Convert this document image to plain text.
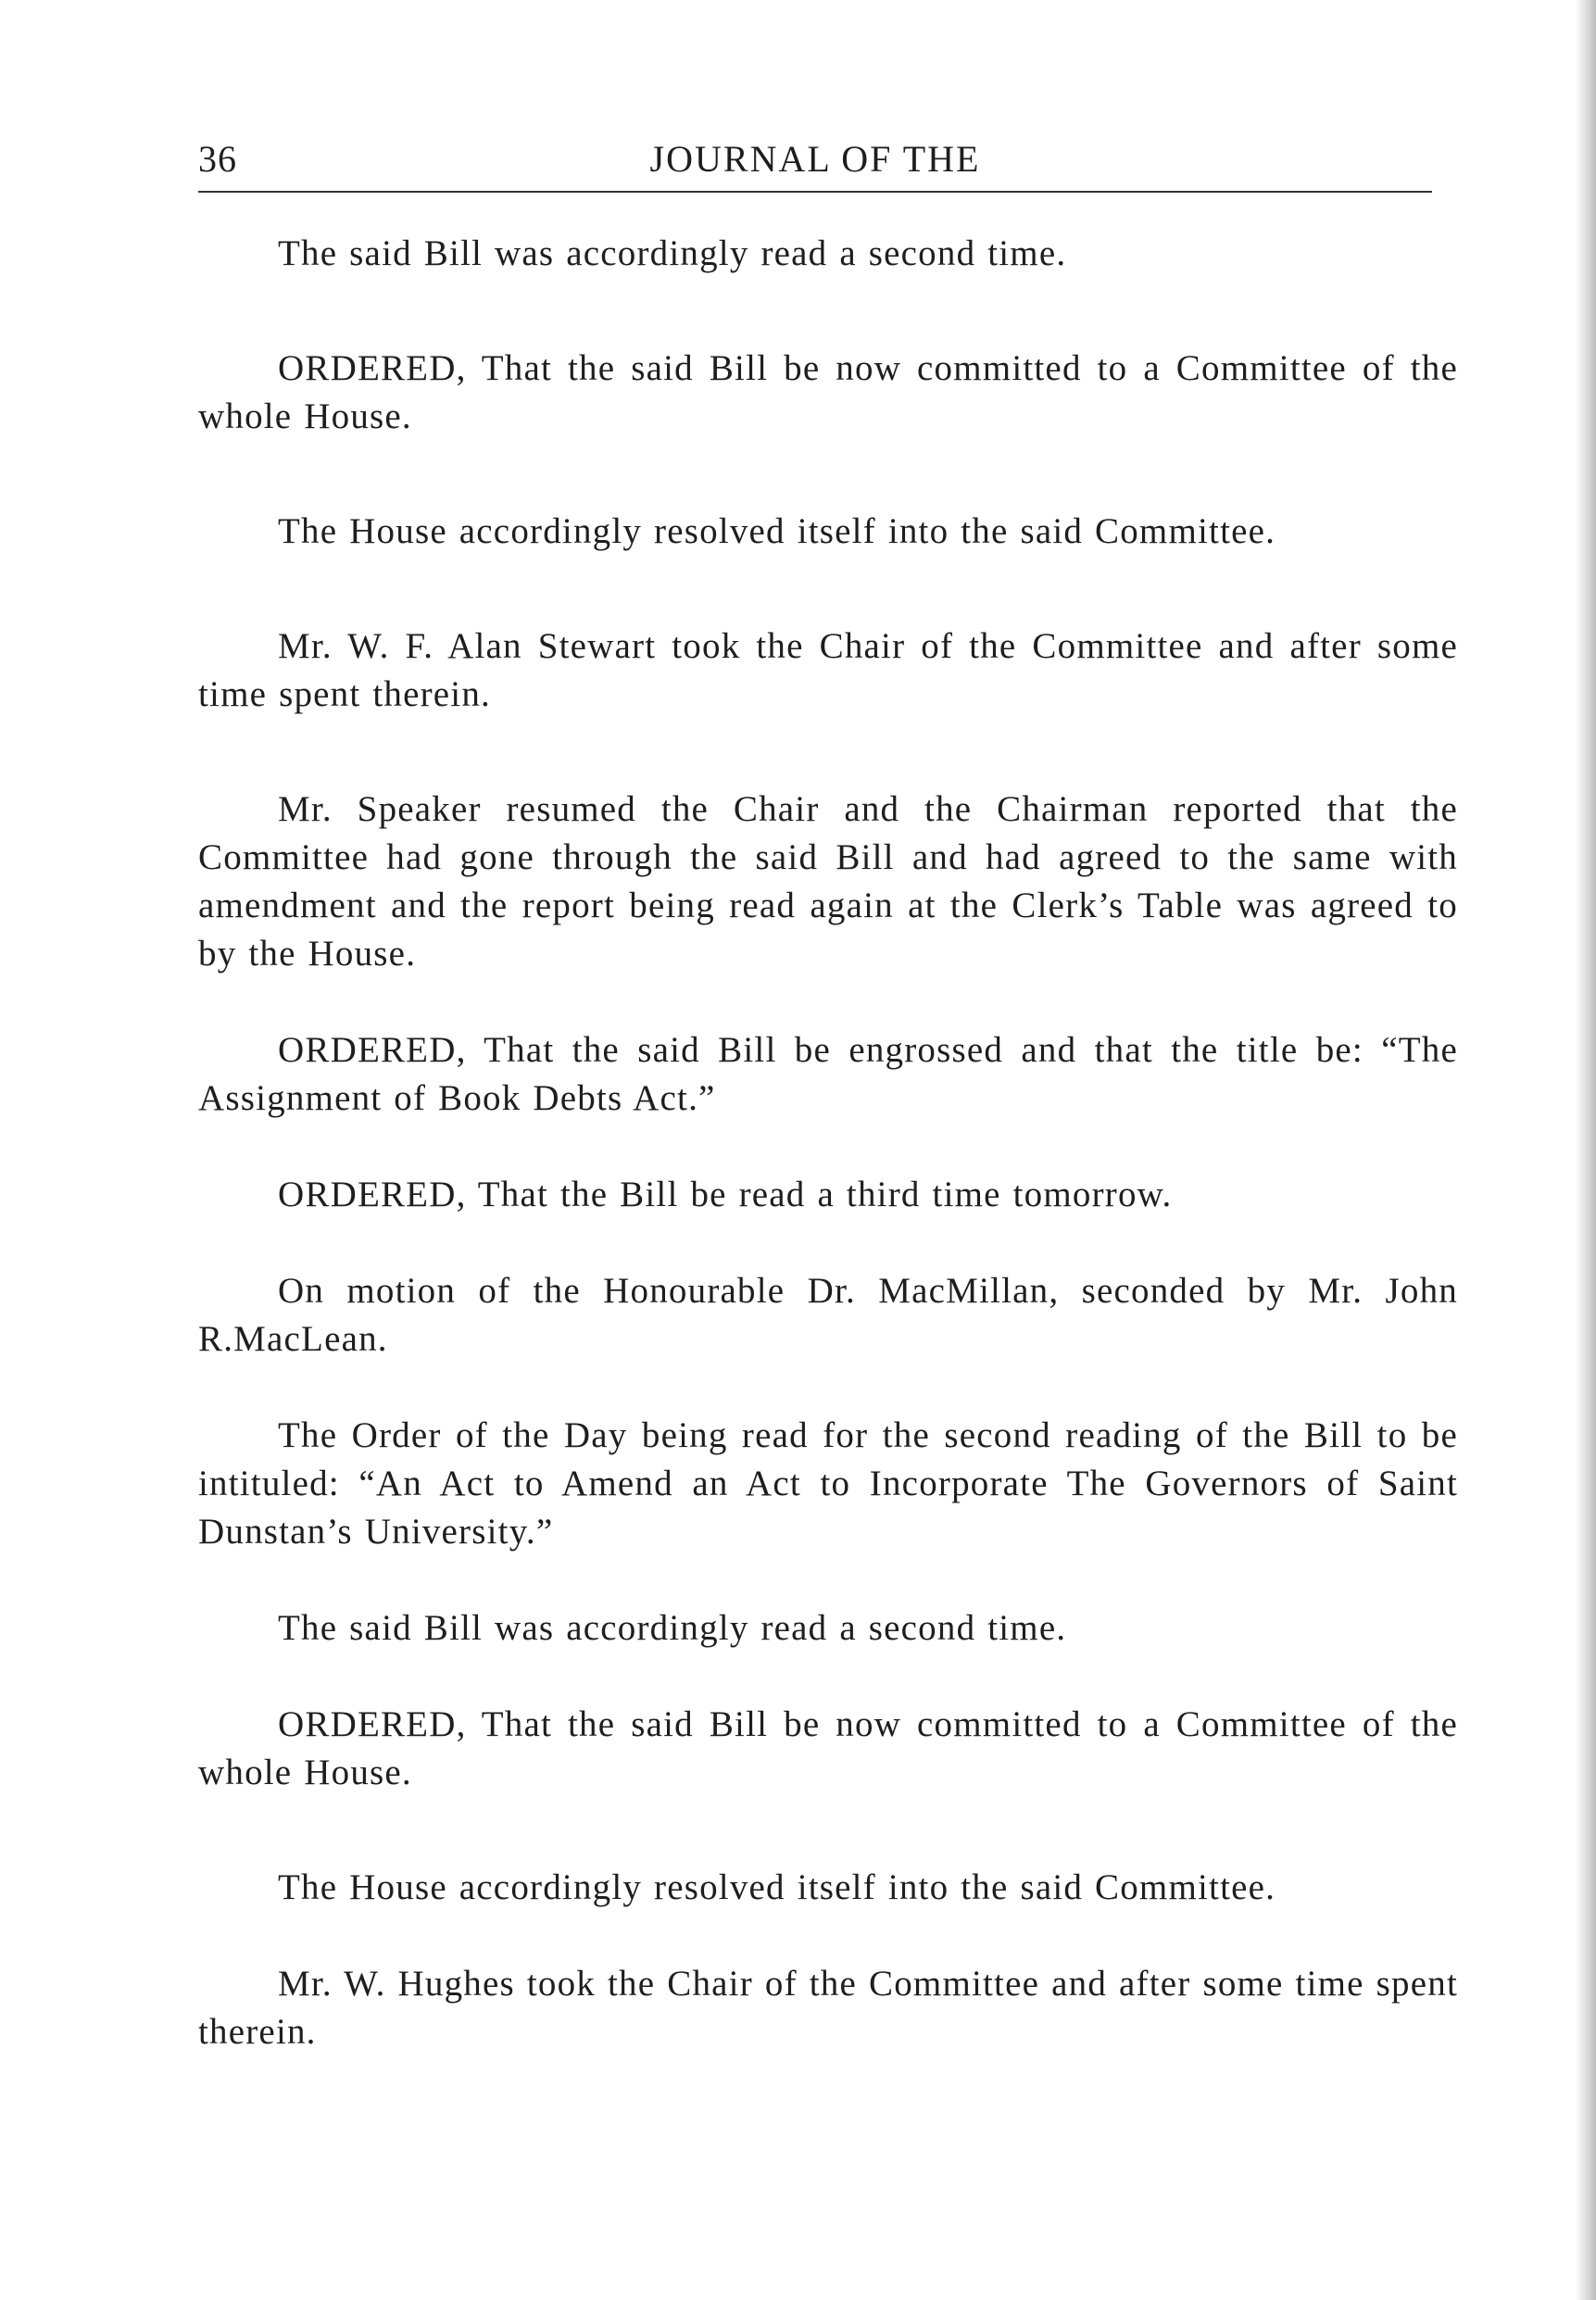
36	JOURNAL OF THE

The said Bill was accordingly read a second time.

ORDERED, That the said Bill be now committed to a Committee of the whole House.

The House accordingly resolved itself into the said Committee.

Mr. W. F. Alan Stewart took the Chair of the Committee and after some time spent therein.

Mr. Speaker resumed the Chair and the Chairman reported that the Committee had gone through the said Bill and had agreed to the same with amendment and the report being read again at the Clerk’s Table was agreed to by the House.

ORDERED, That the said Bill be engrossed and that the title be: “The Assignment of Book Debts Act.”

ORDERED, That the Bill be read a third time tomorrow.

On motion of the Honourable Dr. MacMillan, seconded by Mr. John R.MacLean.

The Order of the Day being read for the second reading of the Bill to be intituled: “An Act to Amend an Act to Incorporate The Governors of Saint Dunstan’s University.”

The said Bill was accordingly read a second time.

ORDERED, That the said Bill be now committed to a Committee of the whole House.

The House accordingly resolved itself into the said Committee.

Mr. W. Hughes took the Chair of the Committee and after some time spent therein.
